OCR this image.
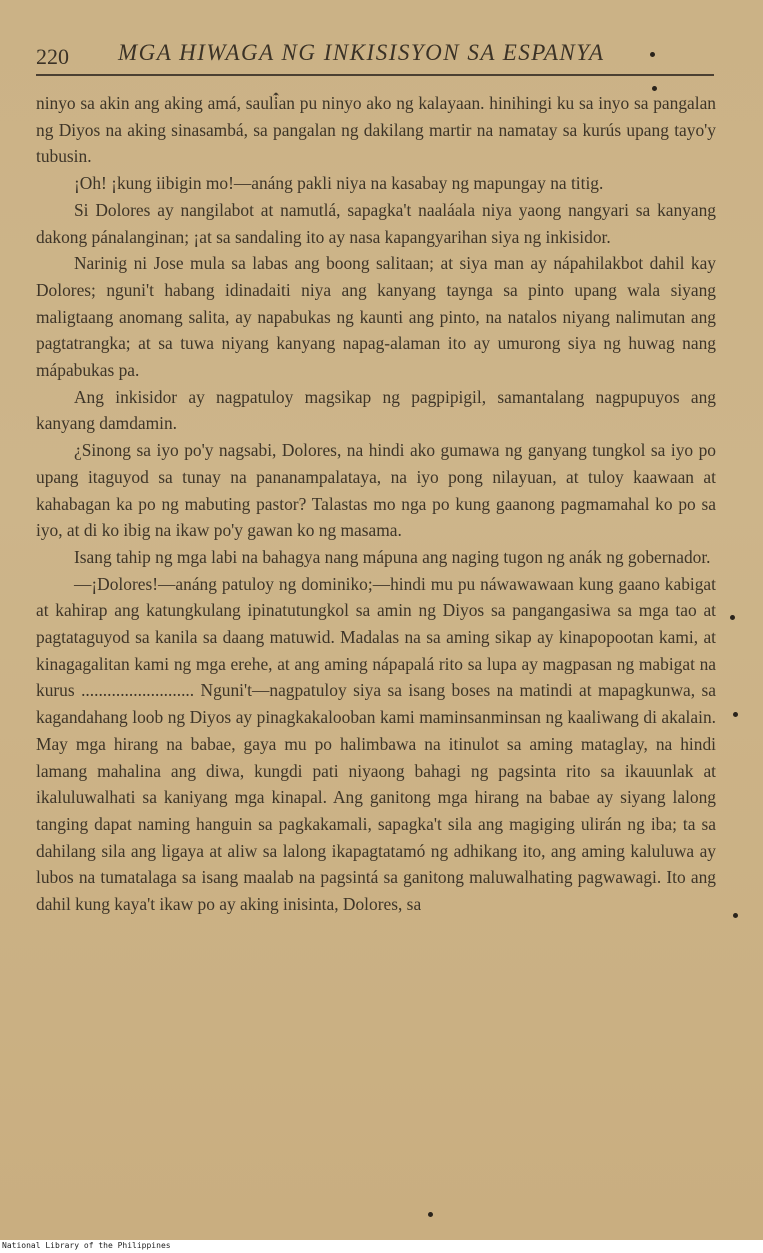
220 MGA HIWAGA NG INKISISYON SA ESPANYA

ninyo sa akin ang aking amá, sauli̇̂an pu ninyo ako ng kalayaan. hinihingi ku sa inyo sa pangalan ng Diyos na aking sinasambá, sa pangalan ng dakilang martir na namatay sa kurús upang tayo'y tubusin.

¡Oh! ¡kung iibigin mo!—anáng pakli niya na kasabay ng mapungay na titig.

Si Dolores ay nangilabot at namutlá, sapagka't naaláala niya yaong nangyari sa kanyang dakong pánalanginan; ¡at sa sandaling ito ay nasa kapangyarihan siya ng inkisidor.

Narinig ni Jose mula sa labas ang boong salitaan; at siya man ay nápahilakbot dahil kay Dolores; nguni't habang idinadaiti niya ang kanyang taynga sa pinto upang wala siyang maligtaang anomang salita, ay napabukas ng kaunti ang pinto, na natalos niyang nalimutan ang pagtatrangka; at sa tuwa niyang kanyang napag-alaman ito ay umurong siya ng huwag nang mápabukas pa.

Ang inkisidor ay nagpatuloy magsikap ng pagpipigil, samantalang nagpupuyos ang kanyang damdamin.

¿Sinong sa iyo po'y nagsabi, Dolores, na hindi ako gumawa ng ganyang tungkol sa iyo po upang itaguyod sa tunay na pananampalataya, na iyo pong nilayuan, at tuloy kaawaan at kahabagan ka po ng mabuting pastor? Talastas mo nga po kung gaanong pagmamahal ko po sa iyo, at di ko ibig na ikaw po'y gawan ko ng masama.

Isang tahip ng mga labi na bahagya nang mápuna ang naging tugon ng anák ng gobernador.

—¡Dolores!—anáng patuloy ng dominiko;—hindi mu pu náwawawaan kung gaano kabigat at kahirap ang katungkulang ipinatutungkol sa amin ng Diyos sa pangangasiwa sa mga tao at pagtataguyod sa kanila sa daang matuwid. Madalas na sa aming sikap ay kinapopootan kami, at kinagagalitan kami ng mga erehe, at ang aming nápapalá rito sa lupa ay magpasan ng mabigat na kurus .......................... Nguni't—nagpatuloy siya sa isang boses na matindi at mapagkunwa, sa kagandahang loob ng Diyos ay pinagkakalooban kami maminsanminsan ng kaaliwang di akalain. May mga hirang na babae, gaya mu po halimbawa na itinulot sa aming mataglay, na hindi lamang mahalina ang diwa, kungdi pati niyaong bahagi ng pagsinta rito sa ikauunlak at ikaluluwalhati sa kaniyang mga kinapal. Ang ganitong mga hirang na babae ay siyang lalong tanging dapat naming hanguin sa pagkakamali, sapagka't sila ang magiging ulirán ng iba; ta sa dahilang sila ang ligaya at aliw sa lalong ikapagtatamó ng adhikang ito, ang aming kaluluwa ay lubos na tumatalaga sa isang maalab na pagsintá sa ganitong maluwalhating pagwawagi. Ito ang dahil kung kaya't ikaw po ay aking inisinta, Dolores, sa

National Library of the Philippines
